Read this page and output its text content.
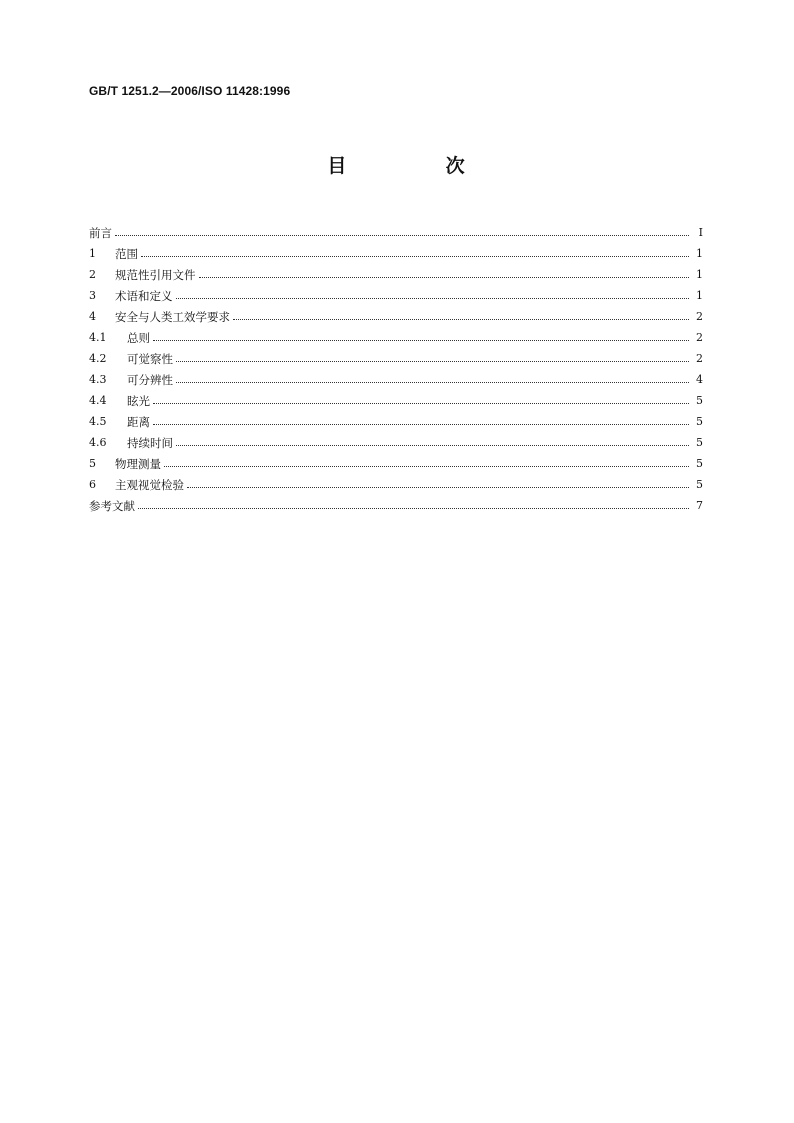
GB/T 1251.2—2006/ISO 11428:1996
目  次
前言	Ⅰ
1	范围	1
2	规范性引用文件	1
3	术语和定义	1
4	安全与人类工效学要求	2
4.1	总则	2
4.2	可觉察性	2
4.3	可分辨性	4
4.4	眩光	5
4.5	距离	5
4.6	持续时间	5
5	物理测量	5
6	主观视觉检验	5
参考文献	7
